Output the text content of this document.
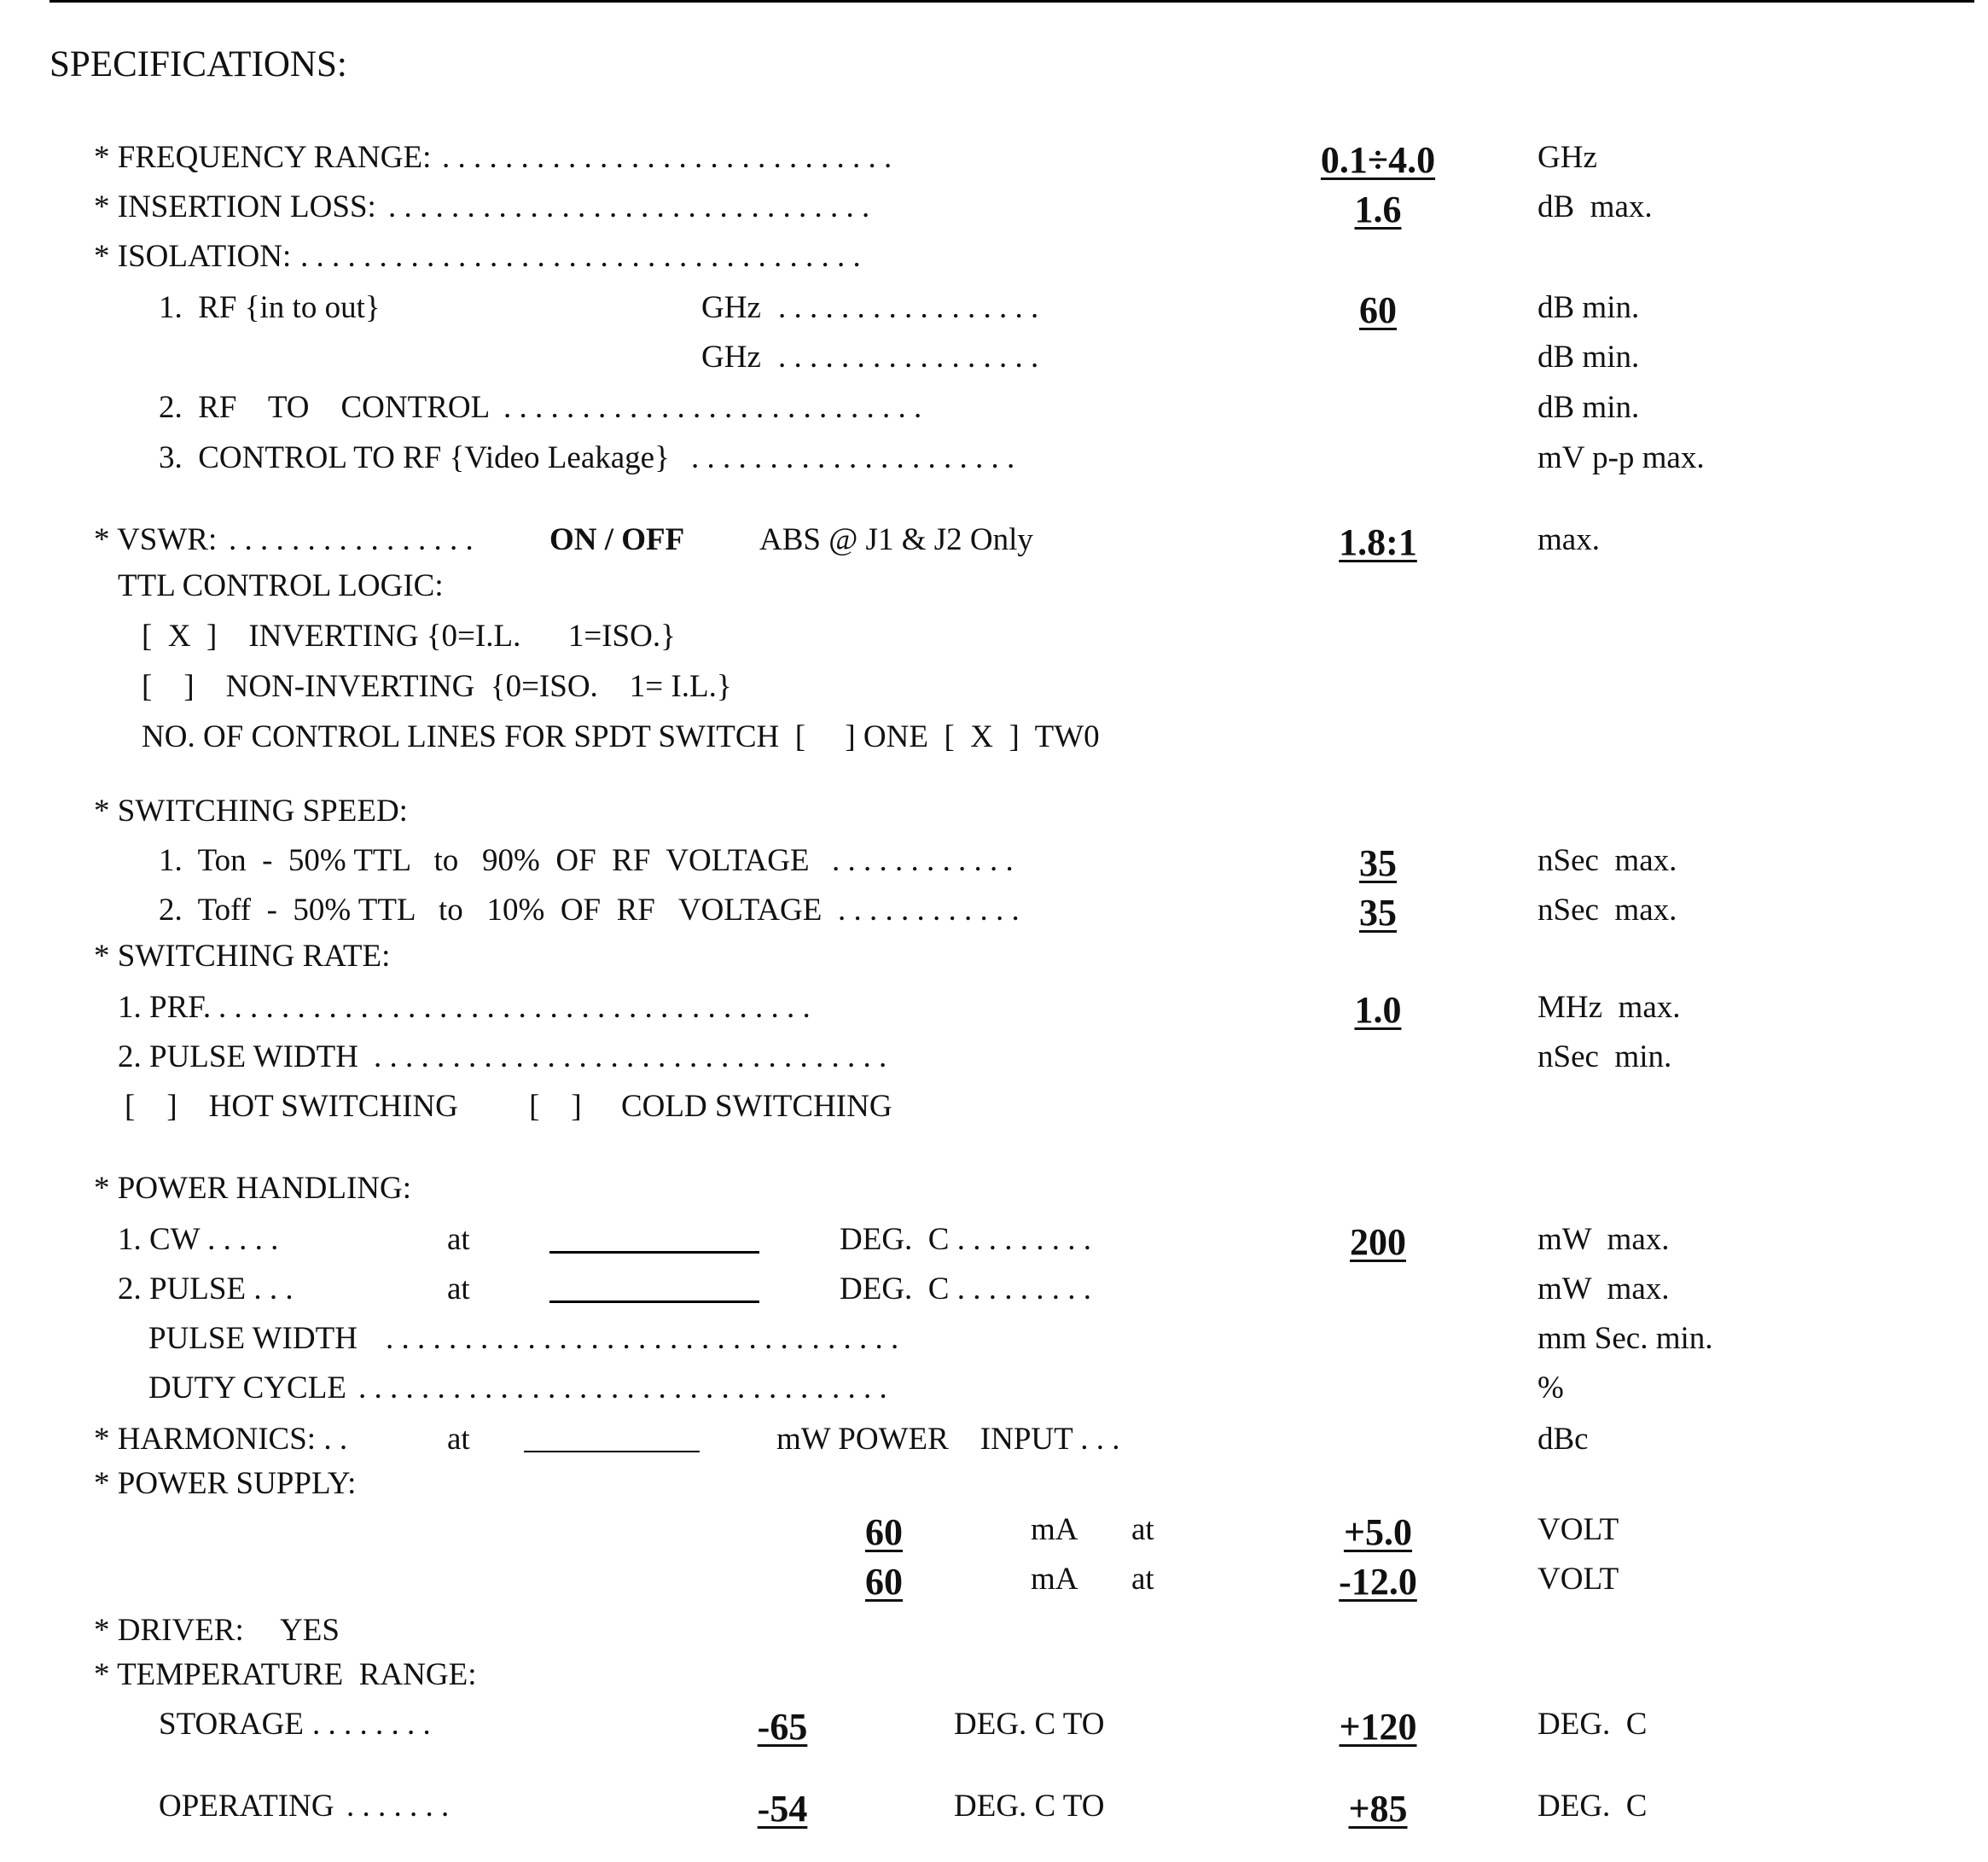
SPECIFICATIONS:
* FREQUENCY RANGE: . . . . . . . . . . . . . . . . . . . . . . . . . . . . .	0.1÷4.0	GHz
* INSERTION LOSS: . . . . . . . . . . . . . . . . . . . . . . . . . . . . . . .	1.6	dB  max.
* ISOLATION: . . . . . . . . . . . . . . . . . . . . . . . . . . . . . . . . . . . .
1.  RF {in to out}	GHz . . . . . . . . . . . . . . . . .	60	dB min.
GHz . . . . . . . . . . . . . . . . .	dB min.
2.  RF    TO    CONTROL . . . . . . . . . . . . . . . . . . . . . . . . . . .	dB min.
3.  CONTROL TO RF {Video Leakage} . . . . . . . . . . . . . . . . . . . . .	mV p-p max.
* VSWR: . . . . . . . . . . . . . . . . ON / OFF ABS @ J1 & J2 Only	1.8:1	max.
TTL CONTROL LOGIC:
[  X  ]    INVERTING {0=I.L.      1=ISO.}
[    ]    NON-INVERTING  {0=ISO.    1= I.L.}
NO. OF CONTROL LINES FOR SPDT SWITCH  [     ] ONE  [  X  ]  TW0
* SWITCHING SPEED:
1.  Ton  -  50% TTL   to   90%  OF  RF  VOLTAGE . . . . . . . . . . . .	35	nSec  max.
2.  Toff  -  50% TTL   to   10%  OF  RF   VOLTAGE . . . . . . . . . . . .	35	nSec  max.
* SWITCHING RATE:
1. PRF. . . . . . . . . . . . . . . . . . . . . . . . . . . . . . . . . . . . . . .	1.0	MHz  max.
2. PULSE WIDTH . . . . . . . . . . . . . . . . . . . . . . . . . . . . . . . . .	nSec  min.
[    ]    HOT SWITCHING         [    ]     COLD SWITCHING
* POWER HANDLING:
1. CW . . . . .	at	DEG.  C . . . . . . . . .	200	mW  max.
2. PULSE . . .	at	DEG.  C . . . . . . . . .	mW  max.
PULSE WIDTH . . . . . . . . . . . . . . . . . . . . . . . . . . . . . . . . .	mm Sec. min.
DUTY CYCLE . . . . . . . . . . . . . . . . . . . . . . . . . . . . . . . . . .	%
* HARMONICS: . .	at	mW POWER    INPUT . . .	dBc
* POWER SUPPLY:
60	mA at	+5.0	VOLT
60	mA at	-12.0	VOLT
* DRIVER: YES
* TEMPERATURE  RANGE:
STORAGE . . . . . . . .	-65	DEG. C TO	+120	DEG.  C
OPERATING . . . . . . .	-54	DEG. C TO	+85	DEG.  C
